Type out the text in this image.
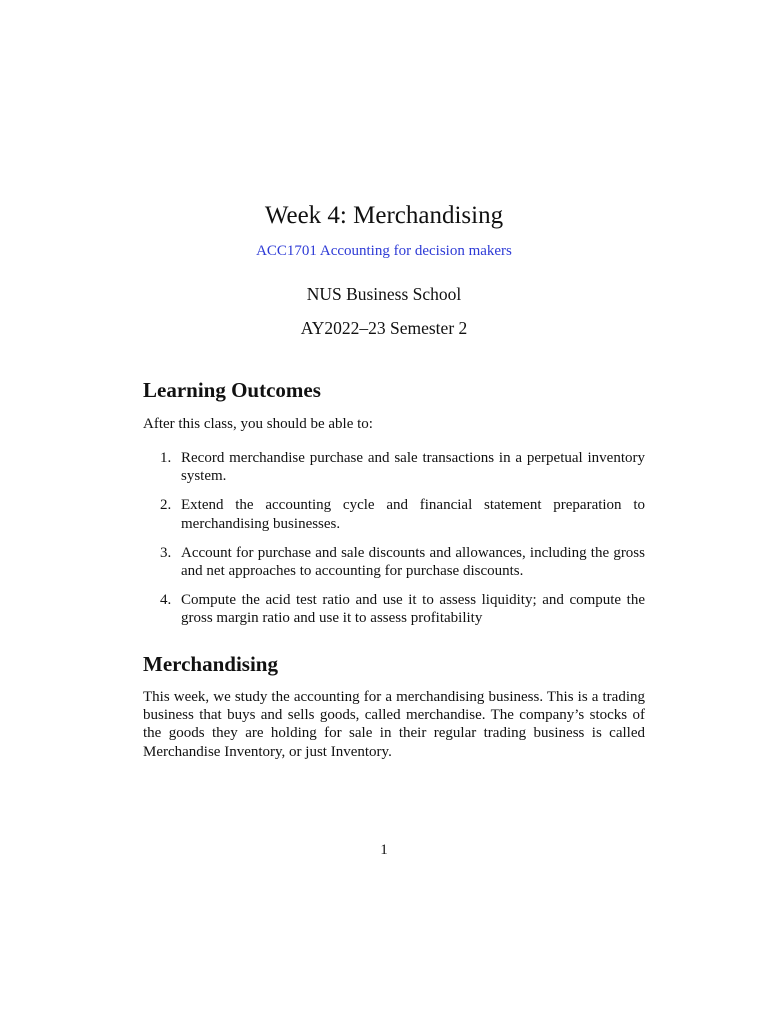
Week 4: Merchandising
ACC1701 Accounting for decision makers
NUS Business School
AY2022–23 Semester 2
Learning Outcomes

After this class, you should be able to:

1. Record merchandise purchase and sale transactions in a perpetual inventory system.
2. Extend the accounting cycle and financial statement preparation to merchandising businesses.
3. Account for purchase and sale discounts and allowances, including the gross and net approaches to accounting for purchase discounts.
4. Compute the acid test ratio and use it to assess liquidity; and compute the gross margin ratio and use it to assess profitability
Merchandising

This week, we study the accounting for a merchandising business. This is a trading business that buys and sells goods, called merchandise. The company’s stocks of the goods they are holding for sale in their regular trading business is called Merchandise Inventory, or just Inventory.

1
